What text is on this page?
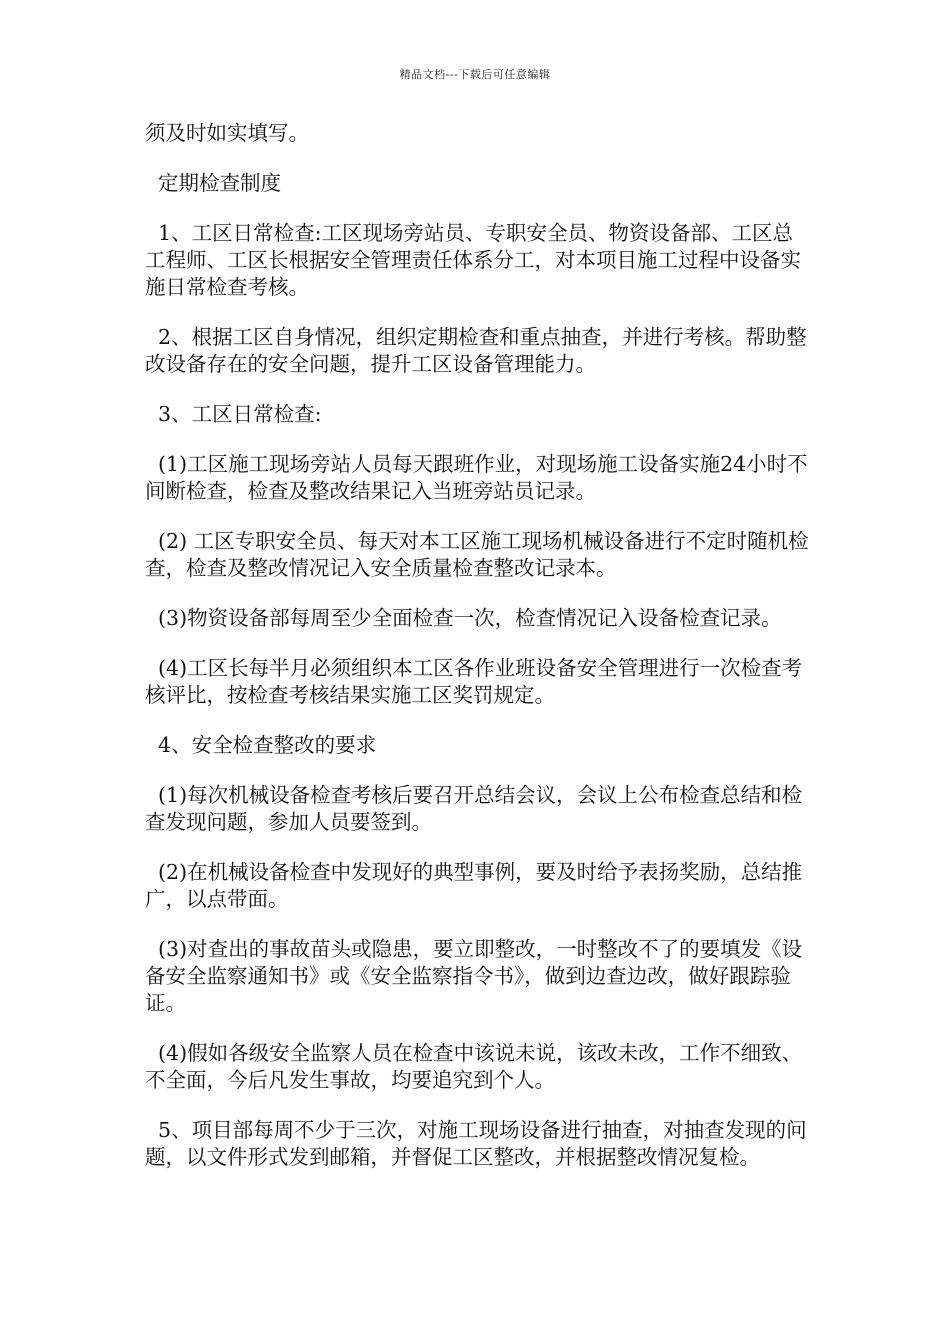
精品文档---下载后可任意编辑

须及时如实填写。

定期检查制度

1、工区日常检查:工区现场旁站员、专职安全员、物资设备部、工区总工程师、工区长根据安全管理责任体系分工，对本项目施工过程中设备实施日常检查考核。

2、根据工区自身情况，组织定期检查和重点抽查，并进行考核。帮助整改设备存在的安全问题，提升工区设备管理能力。

3、工区日常检查:

(1)工区施工现场旁站人员每天跟班作业，对现场施工设备实施24小时不间断检查，检查及整改结果记入当班旁站员记录。

(2) 工区专职安全员、每天对本工区施工现场机械设备进行不定时随机检查，检查及整改情况记入安全质量检查整改记录本。

(3)物资设备部每周至少全面检查一次，检查情况记入设备检查记录。

(4)工区长每半月必须组织本工区各作业班设备安全管理进行一次检查考核评比，按检查考核结果实施工区奖罚规定。

4、安全检查整改的要求

(1)每次机械设备检查考核后要召开总结会议，会议上公布检查总结和检查发现问题，参加人员要签到。

(2)在机械设备检查中发现好的典型事例，要及时给予表扬奖励，总结推广，以点带面。

(3)对查出的事故苗头或隐患，要立即整改，一时整改不了的要填发《设备安全监察通知书》或《安全监察指令书》，做到边查边改，做好跟踪验证。

(4)假如各级安全监察人员在检查中该说未说，该改未改，工作不细致、不全面，今后凡发生事故，均要追究到个人。

5、项目部每周不少于三次，对施工现场设备进行抽查，对抽查发现的问题，以文件形式发到邮箱，并督促工区整改，并根据整改情况复检。
